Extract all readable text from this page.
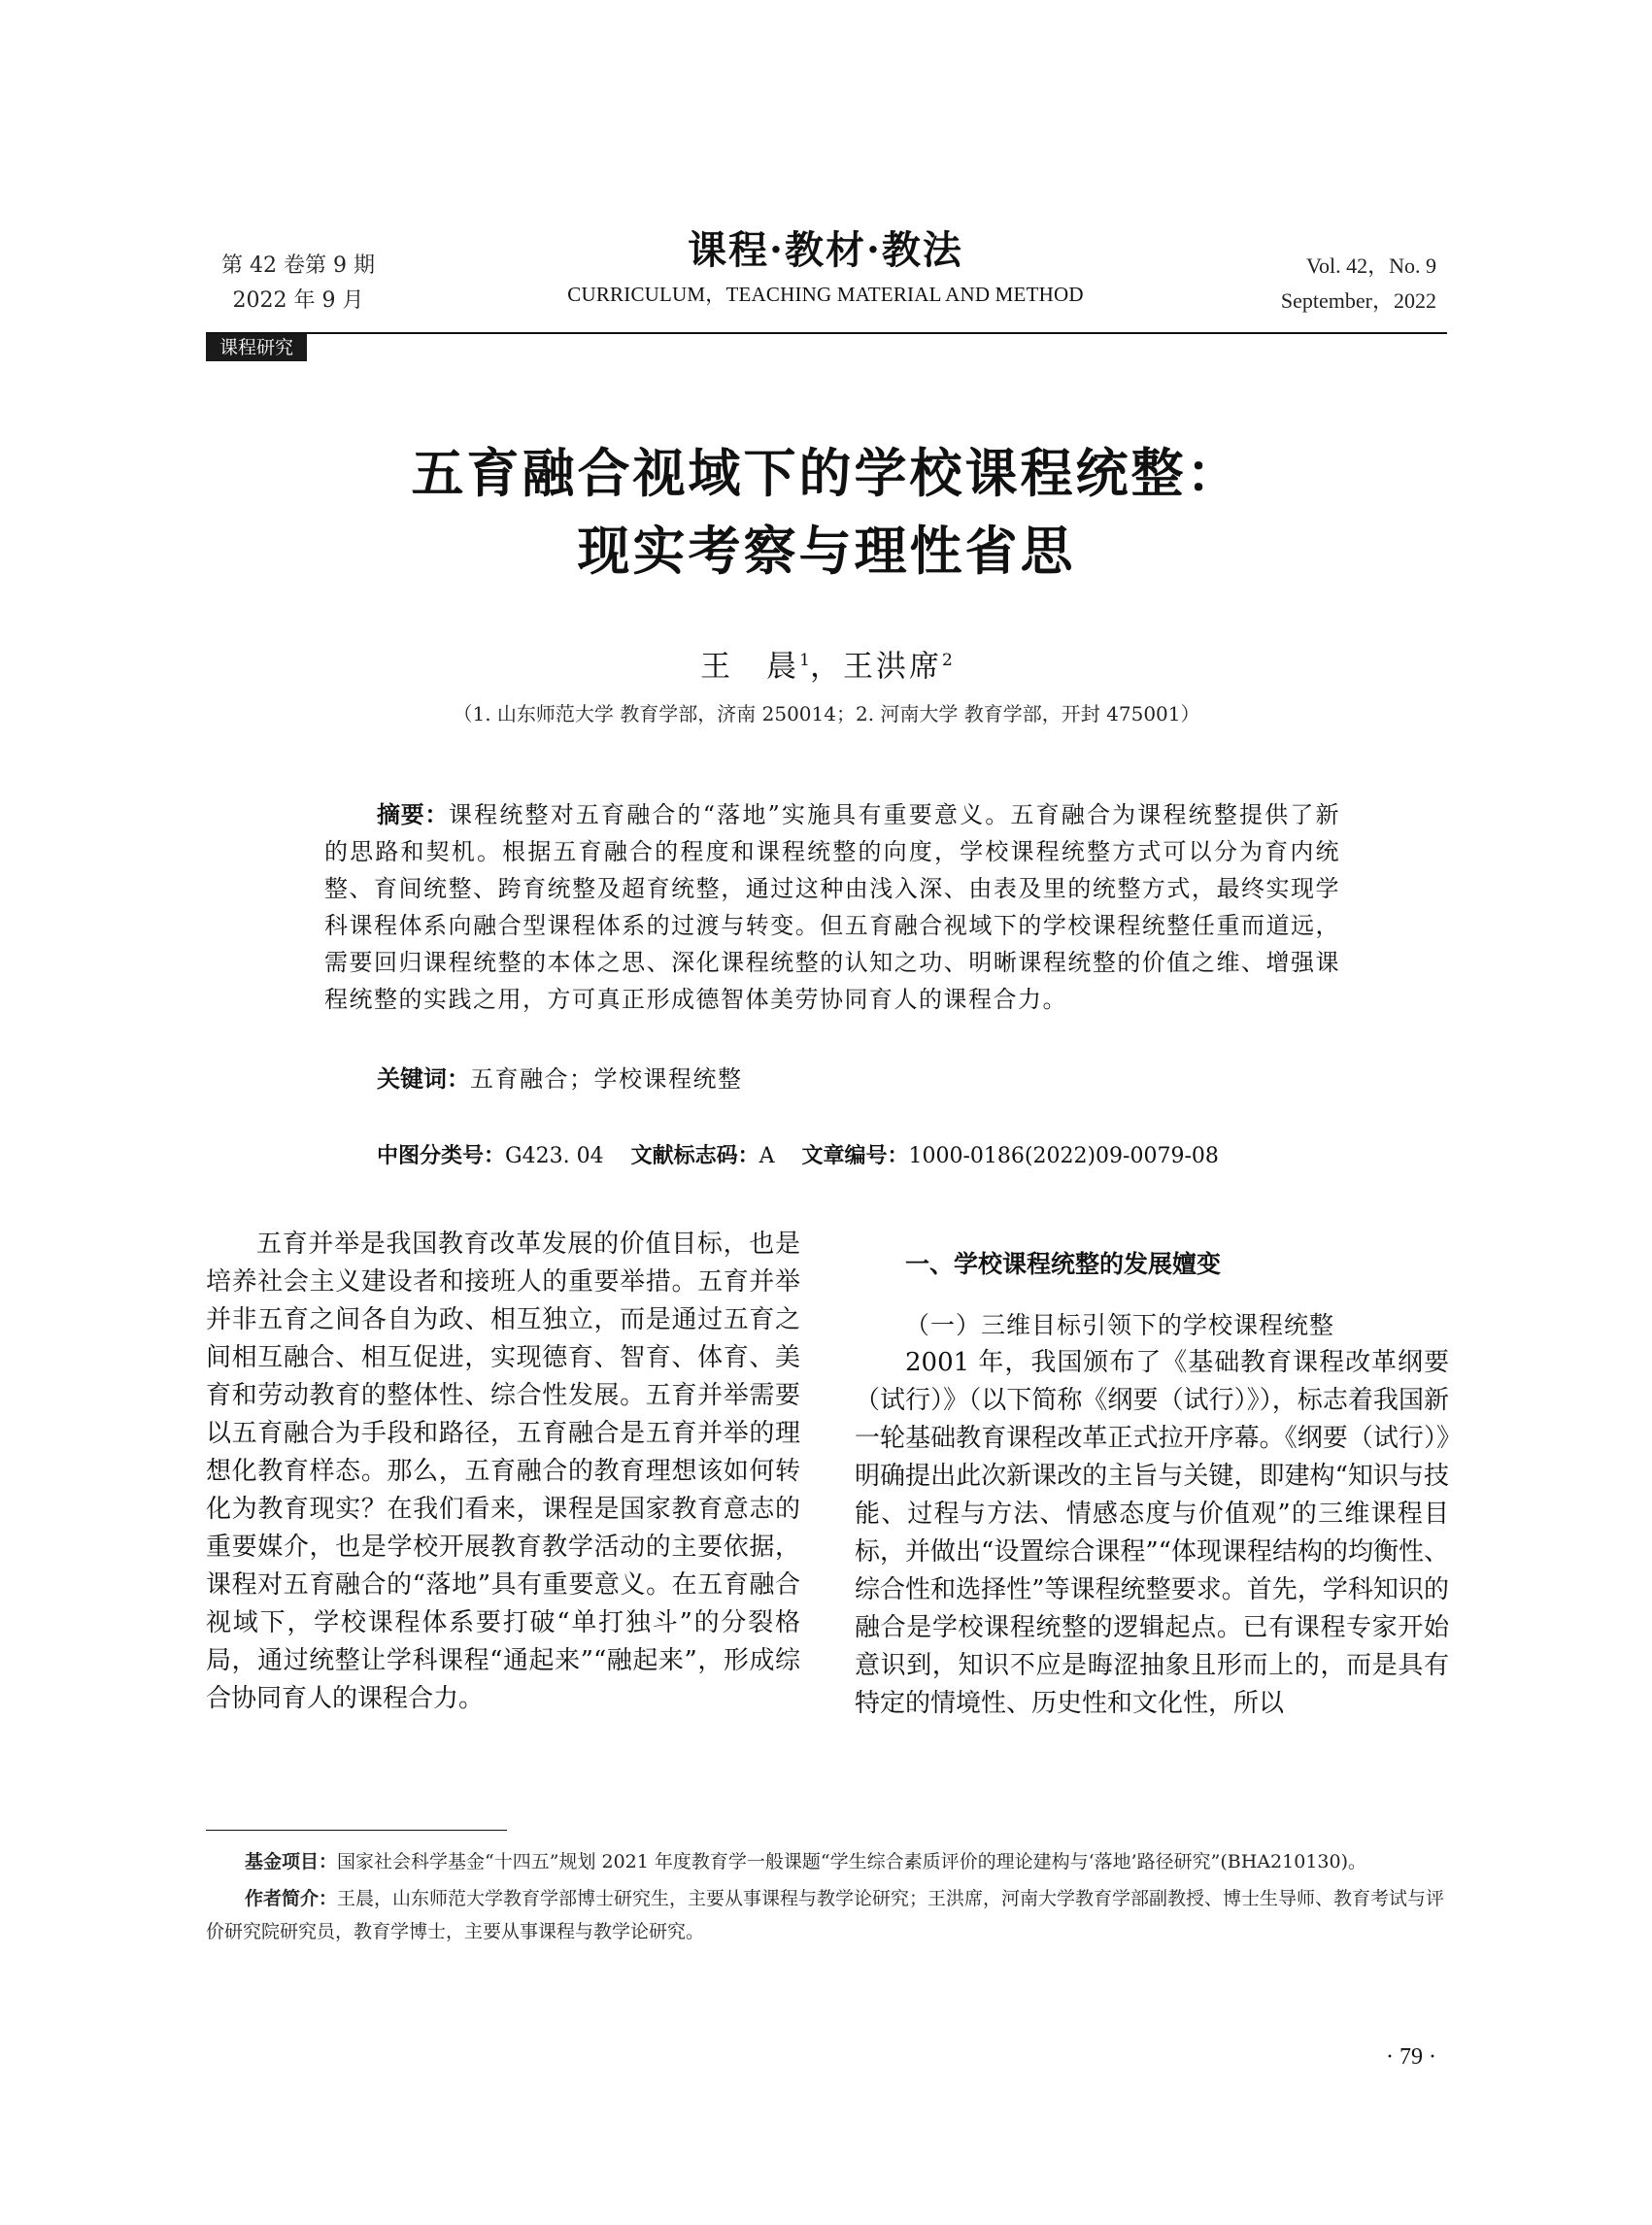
第 42 卷第 9 期
2022 年 9 月
课程·教材·教法
CURRICULUM，TEACHING MATERIAL AND METHOD
Vol. 42，No. 9
September，2022
课程研究
五育融合视域下的学校课程统整：
现实考察与理性省思
王　晨$^1$，王洪席$^2$
（1. 山东师范大学 教育学部，济南 250014；2. 河南大学 教育学部，开封 475001）

摘要：课程统整对五育融合的“落地”实施具有重要意义。五育融合为课程统整提供了新的思路和契机。根据五育融合的程度和课程统整的向度，学校课程统整方式可以分为育内统整、育间统整、跨育统整及超育统整，通过这种由浅入深、由表及里的统整方式，最终实现学科课程体系向融合型课程体系的过渡与转变。但五育融合视域下的学校课程统整任重而道远，需要回归课程统整的本体之思、深化课程统整的认知之功、明晰课程统整的价值之维、增强课程统整的实践之用，方可真正形成德智体美劳协同育人的课程合力。

关键词：五育融合；学校课程统整
中图分类号：G423. 04 文献标志码：A 文章编号：1000-0186(2022)09-0079-08

五育并举是我国教育改革发展的价值目标，也是培养社会主义建设者和接班人的重要举措。五育并举并非五育之间各自为政、相互独立，而是通过五育之间相互融合、相互促进，实现德育、智育、体育、美育和劳动教育的整体性、综合性发展。五育并举需要以五育融合为手段和路径，五育融合是五育并举的理想化教育样态。那么，五育融合的教育理想该如何转化为教育现实？在我们看来，课程是国家教育意志的重要媒介，也是学校开展教育教学活动的主要依据，课程对五育融合的“落地”具有重要意义。在五育融合视域下，学校课程体系要打破“单打独斗”的分裂格局，通过统整让学科课程“通起来”“融起来”，形成综合协同育人的课程合力。

一、学校课程统整的发展嬗变

（一）三维目标引领下的学校课程统整

2001 年，我国颁布了《基础教育课程改革纲要（试行）》（以下简称《纲要（试行）》），标志着我国新一轮基础教育课程改革正式拉开序幕。《纲要（试行）》明确提出此次新课改的主旨与关键，即建构“知识与技能、过程与方法、情感态度与价值观”的三维课程目标，并做出“设置综合课程”“体现课程结构的均衡性、综合性和选择性”等课程统整要求。首先，学科知识的融合是学校课程统整的逻辑起点。已有课程专家开始意识到，知识不应是晦涩抽象且形而上的，而是具有特定的情境性、历史性和文化性，所以

基金项目：国家社会科学基金“十四五”规划 2021 年度教育学一般课题“学生综合素质评价的理论建构与‘落地’路径研究”(BHA210130)。

作者简介：王晨，山东师范大学教育学部博士研究生，主要从事课程与教学论研究；王洪席，河南大学教育学部副教授、博士生导师、教育考试与评价研究院研究员，教育学博士，主要从事课程与教学论研究。

· 79 ·
